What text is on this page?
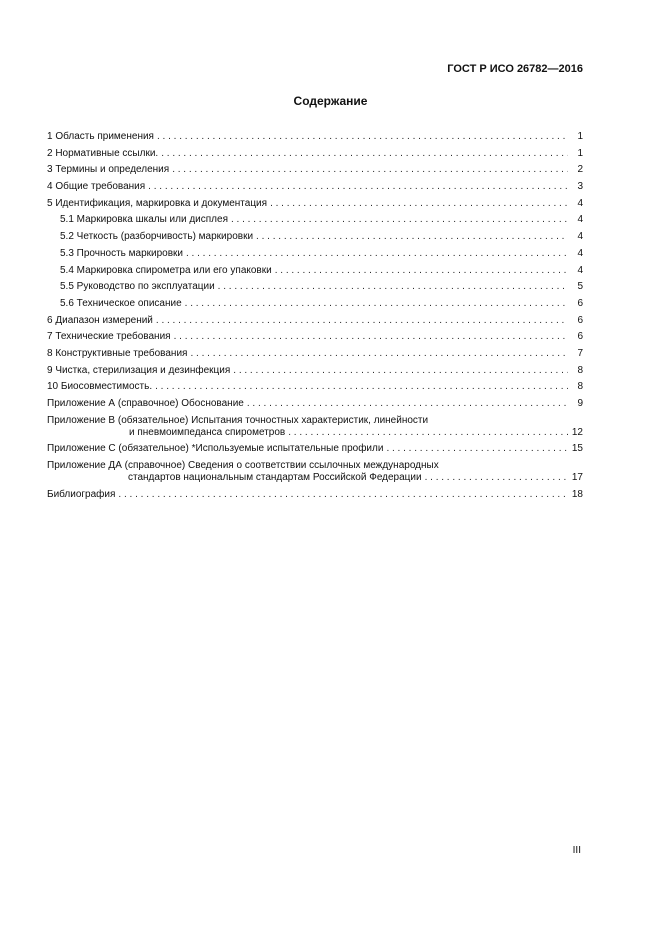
ГОСТ Р ИСО 26782—2016
Содержание
1 Область применения . . .	1
2 Нормативные ссылки. . . .	1
3 Термины и определения . . .	2
4 Общие требования . . .	3
5 Идентификация, маркировка и документация . . .	4
5.1 Маркировка шкалы или дисплея . . .	4
5.2 Четкость (разборчивость) маркировки . . .	4
5.3 Прочность маркировки . . .	4
5.4 Маркировка спирометра или его упаковки . . .	4
5.5 Руководство по эксплуатации . . .	5
5.6 Техническое описание . . .	6
6 Диапазон измерений . . .	6
7 Технические требования . . .	6
8 Конструктивные требования . . .	7
9 Чистка, стерилизация и дезинфекция . . .	8
10 Биосовместимость. . . .	8
Приложение А (справочное) Обоснование . . .	9
Приложение В (обязательное) Испытания точностных характеристик, линейности
и пневмоимпеданса спирометров . . .	12
Приложение С (обязательное) *Используемые испытательные профили . . .	15
Приложение ДА (справочное) Сведения о соответствии ссылочных международных
стандартов национальным стандартам Российской Федерации . . .	17
Библиография . . .	18
III
